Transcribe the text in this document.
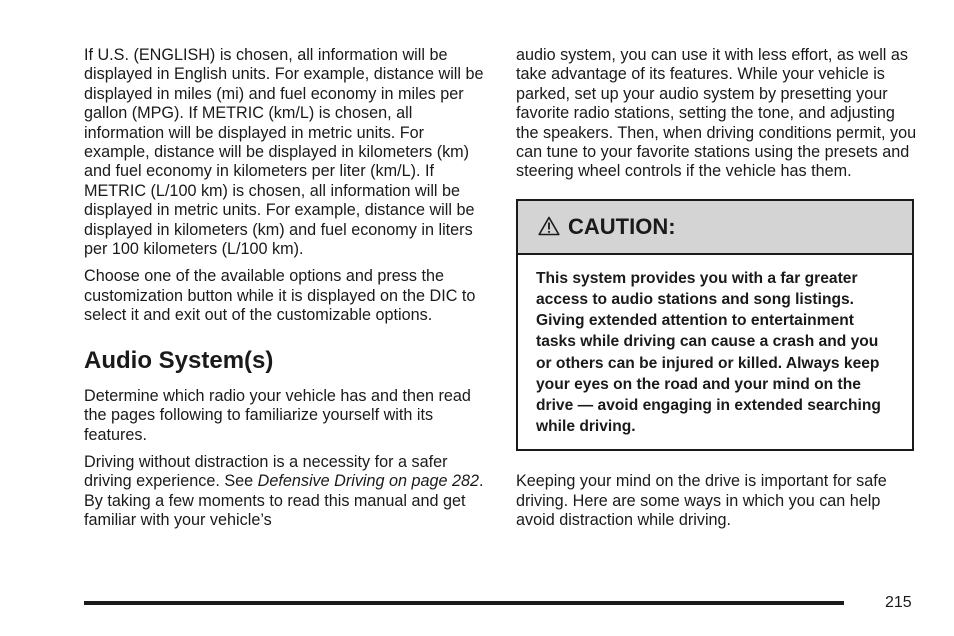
If U.S. (ENGLISH) is chosen, all information will be displayed in English units. For example, distance will be displayed in miles (mi) and fuel economy in miles per gallon (MPG). If METRIC (km/L) is chosen, all information will be displayed in metric units. For example, distance will be displayed in kilometers (km) and fuel economy in kilometers per liter (km/L). If METRIC (L/100 km) is chosen, all information will be displayed in metric units. For example, distance will be displayed in kilometers (km) and fuel economy in liters per 100 kilometers (L/100 km).

Choose one of the available options and press the customization button while it is displayed on the DIC to select it and exit out of the customizable options.

Audio System(s)

Determine which radio your vehicle has and then read the pages following to familiarize yourself with its features.

Driving without distraction is a necessity for a safer driving experience. See Defensive Driving on page 282. By taking a few moments to read this manual and get familiar with your vehicle’s

audio system, you can use it with less effort, as well as take advantage of its features. While your vehicle is parked, set up your audio system by presetting your favorite radio stations, setting the tone, and adjusting the speakers. Then, when driving conditions permit, you can tune to your favorite stations using the presets and steering wheel controls if the vehicle has them.

CAUTION:

This system provides you with a far greater access to audio stations and song listings. Giving extended attention to entertainment tasks while driving can cause a crash and you or others can be injured or killed. Always keep your eyes on the road and your mind on the drive — avoid engaging in extended searching while driving.

Keeping your mind on the drive is important for safe driving. Here are some ways in which you can help avoid distraction while driving.

215
